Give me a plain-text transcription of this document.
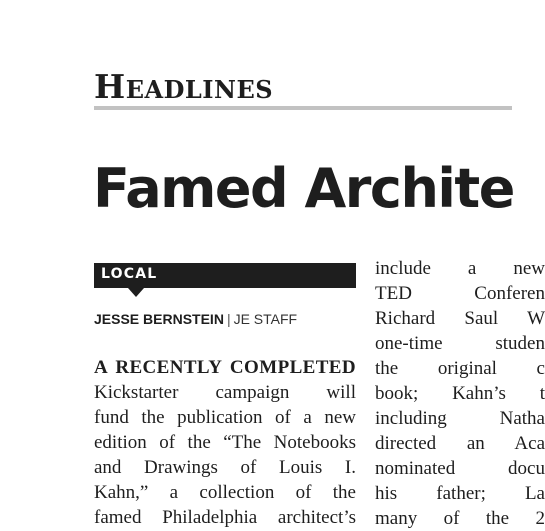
HEADLINES
Famed Archite
LOCAL
JESSE BERNSTEIN | JE STAFF
A RECENTLY COMPLETED
Kickstarter campaign will
fund the publication of a new
edition of the “The Notebooks
and Drawings of Louis I.
Kahn,” a collection of the
famed Philadelphia architect’s
include a new
TED Conferen
Richard Saul W
one-time studen
the original c
book; Kahn’s t
including Natha
directed an Aca
nominated docu
his father; La
many of the 2
